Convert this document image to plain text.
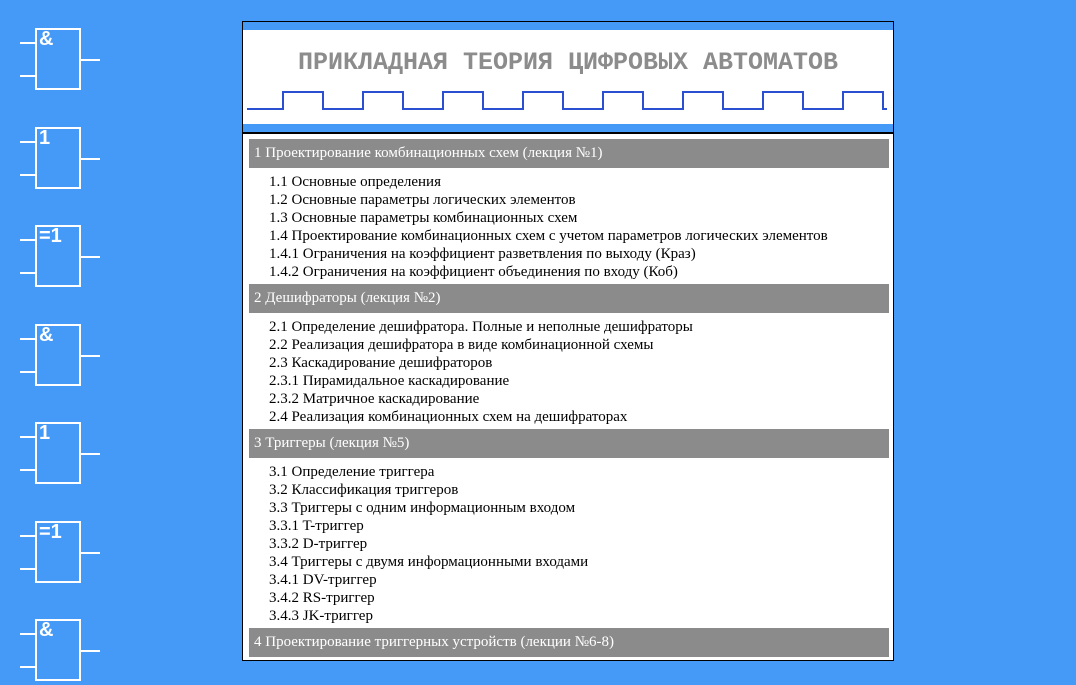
&
1
=1
&
1
=1
&
ПРИКЛАДНАЯ ТЕОРИЯ ЦИФРОВЫХ АВТОМАТОВ
1 Проектирование комбинационных схем (лекция №1)
1.1 Основные определения
1.2 Основные параметры логических элементов
1.3 Основные параметры комбинационных схем
1.4 Проектирование комбинационных схем с учетом параметров логических элементов
1.4.1 Ограничения на коэффициент разветвления по выходу (Краз)
1.4.2 Ограничения на коэффициент объединения по входу (Коб)
2 Дешифраторы (лекция №2)
2.1 Определение дешифратора. Полные и неполные дешифраторы
2.2 Реализация дешифратора в виде комбинационной схемы
2.3 Каскадирование дешифраторов
2.3.1 Пирамидальное каскадирование
2.3.2 Матричное каскадирование
2.4 Реализация комбинационных схем на дешифраторах
3 Триггеры (лекция №5)
3.1 Определение триггера
3.2 Классификация триггеров
3.3 Триггеры с одним информационным входом
3.3.1 T-триггер
3.3.2 D-триггер
3.4 Триггеры с двумя информационными входами
3.4.1 DV-триггер
3.4.2 RS-триггер
3.4.3 JK-триггер
4 Проектирование триггерных устройств (лекции №6-8)
